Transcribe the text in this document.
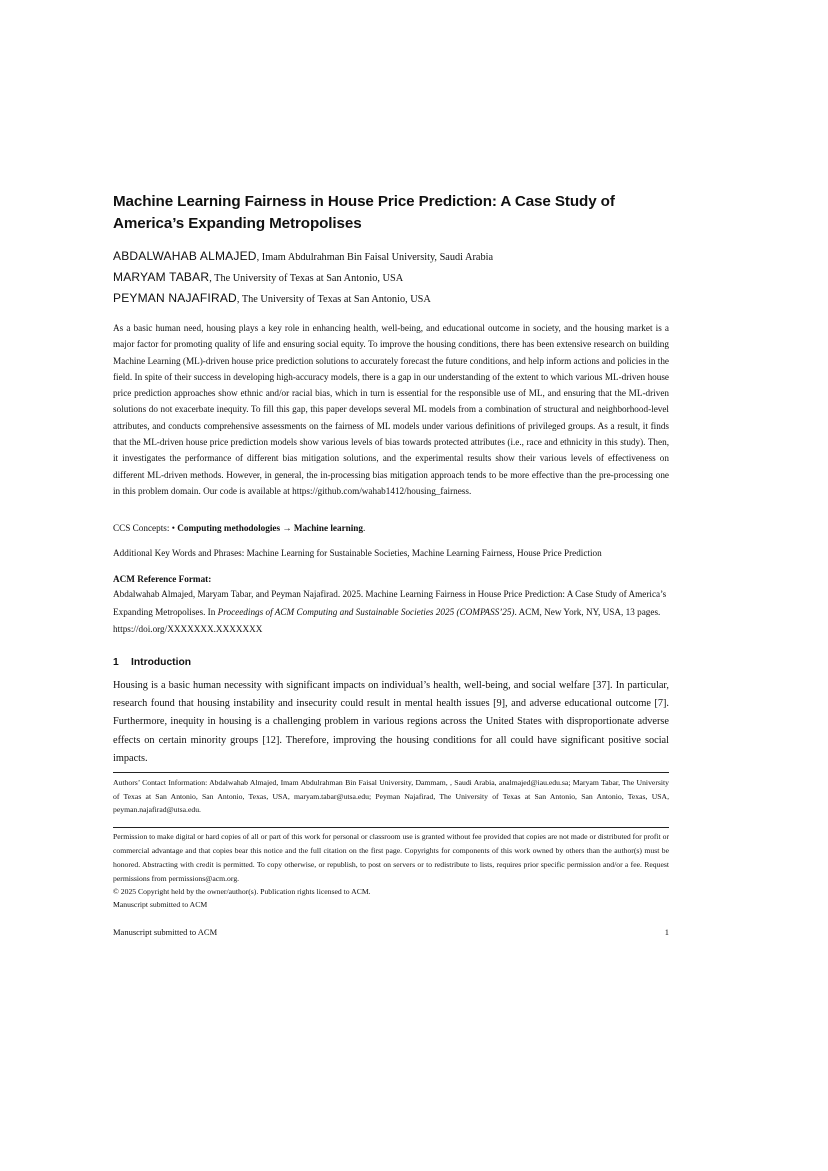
Machine Learning Fairness in House Price Prediction: A Case Study of America’s Expanding Metropolises
ABDALWAHAB ALMAJED, Imam Abdulrahman Bin Faisal University, Saudi Arabia
MARYAM TABAR, The University of Texas at San Antonio, USA
PEYMAN NAJAFIRAD, The University of Texas at San Antonio, USA
As a basic human need, housing plays a key role in enhancing health, well-being, and educational outcome in society, and the housing market is a major factor for promoting quality of life and ensuring social equity. To improve the housing conditions, there has been extensive research on building Machine Learning (ML)-driven house price prediction solutions to accurately forecast the future conditions, and help inform actions and policies in the field. In spite of their success in developing high-accuracy models, there is a gap in our understanding of the extent to which various ML-driven house price prediction approaches show ethnic and/or racial bias, which in turn is essential for the responsible use of ML, and ensuring that the ML-driven solutions do not exacerbate inequity. To fill this gap, this paper develops several ML models from a combination of structural and neighborhood-level attributes, and conducts comprehensive assessments on the fairness of ML models under various definitions of privileged groups. As a result, it finds that the ML-driven house price prediction models show various levels of bias towards protected attributes (i.e., race and ethnicity in this study). Then, it investigates the performance of different bias mitigation solutions, and the experimental results show their various levels of effectiveness on different ML-driven methods. However, in general, the in-processing bias mitigation approach tends to be more effective than the pre-processing one in this problem domain. Our code is available at https://github.com/wahab1412/housing_fairness.
CCS Concepts: • Computing methodologies → Machine learning.
Additional Key Words and Phrases: Machine Learning for Sustainable Societies, Machine Learning Fairness, House Price Prediction
ACM Reference Format:
Abdalwahab Almajed, Maryam Tabar, and Peyman Najafirad. 2025. Machine Learning Fairness in House Price Prediction: A Case Study of America’s Expanding Metropolises. In Proceedings of ACM Computing and Sustainable Societies 2025 (COMPASS’25). ACM, New York, NY, USA, 13 pages. https://doi.org/XXXXXXX.XXXXXXX
1 Introduction
Housing is a basic human necessity with significant impacts on individual’s health, well-being, and social welfare [37]. In particular, research found that housing instability and insecurity could result in mental health issues [9], and adverse educational outcome [7]. Furthermore, inequity in housing is a challenging problem in various regions across the United States with disproportionate adverse effects on certain minority groups [12]. Therefore, improving the housing conditions for all could have significant positive social impacts.
Authors’ Contact Information: Abdalwahab Almajed, Imam Abdulrahman Bin Faisal University, Dammam, , Saudi Arabia, analmajed@iau.edu.sa; Maryam Tabar, The University of Texas at San Antonio, San Antonio, Texas, USA, maryam.tabar@utsa.edu; Peyman Najafirad, The University of Texas at San Antonio, San Antonio, Texas, USA, peyman.najafirad@utsa.edu.
Permission to make digital or hard copies of all or part of this work for personal or classroom use is granted without fee provided that copies are not made or distributed for profit or commercial advantage and that copies bear this notice and the full citation on the first page. Copyrights for components of this work owned by others than the author(s) must be honored. Abstracting with credit is permitted. To copy otherwise, or republish, to post on servers or to redistribute to lists, requires prior specific permission and/or a fee. Request permissions from permissions@acm.org.
© 2025 Copyright held by the owner/author(s). Publication rights licensed to ACM.
Manuscript submitted to ACM
Manuscript submitted to ACM	1
